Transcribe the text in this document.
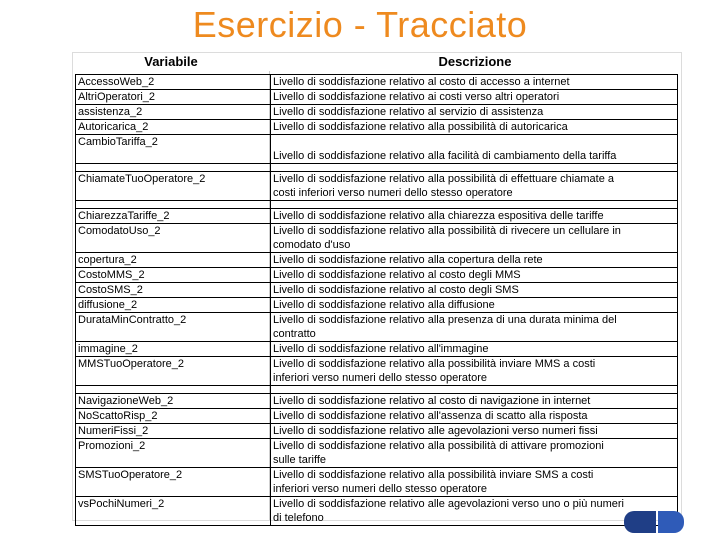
Esercizio - Tracciato
Variabile	Descrizione
AccessoWeb_2	Livello di soddisfazione relativo al costo di accesso a internet

AltriOperatori_2	Livello di soddisfazione relativo ai costi verso altri operatori

assistenza_2	Livello di soddisfazione relativo al servizio di assistenza

Autoricarica_2	Livello di soddisfazione relativo alla possibilità di autoricarica

CambioTariffa_2	Livello di soddisfazione relativo alla facilità di cambiamento della tariffa

ChiamateTuoOperatore_2	Livello di soddisfazione relativo alla possibilità di effettuare chiamate a
costi inferiori verso numeri dello stesso operatore

ChiarezzaTariffe_2	Livello di soddisfazione relativo alla chiarezza espositiva delle tariffe

ComodatoUso_2	Livello di soddisfazione relativo alla possibilità di rivecere un cellulare in
comodato d'uso

copertura_2	Livello di soddisfazione relativo alla copertura della rete

CostoMMS_2	Livello di soddisfazione relativo al costo degli MMS

CostoSMS_2	Livello di soddisfazione relativo al costo degli SMS

diffusione_2	Livello di soddisfazione relativo alla diffusione

DurataMinContratto_2	Livello di soddisfazione relativo alla presenza di una durata minima del
contratto

immagine_2	Livello di soddisfazione relativo all'immagine

MMSTuoOperatore_2	Livello di soddisfazione relativo alla possibilità inviare MMS a costi
inferiori verso numeri dello stesso operatore

NavigazioneWeb_2	Livello di soddisfazione relativo al costo di navigazione in internet

NoScattoRisp_2	Livello di soddisfazione relativo all'assenza di scatto alla risposta

NumeriFissi_2	Livello di soddisfazione relativo alle agevolazioni verso numeri fissi

Promozioni_2	Livello di soddisfazione relativo alla possibilità di attivare promozioni
sulle tariffe

SMSTuoOperatore_2	Livello di soddisfazione relativo alla possibilità inviare SMS a costi
inferiori verso numeri dello stesso operatore

vsPochiNumeri_2	Livello di soddisfazione relativo alle agevolazioni verso uno o più numeri
di telefono
